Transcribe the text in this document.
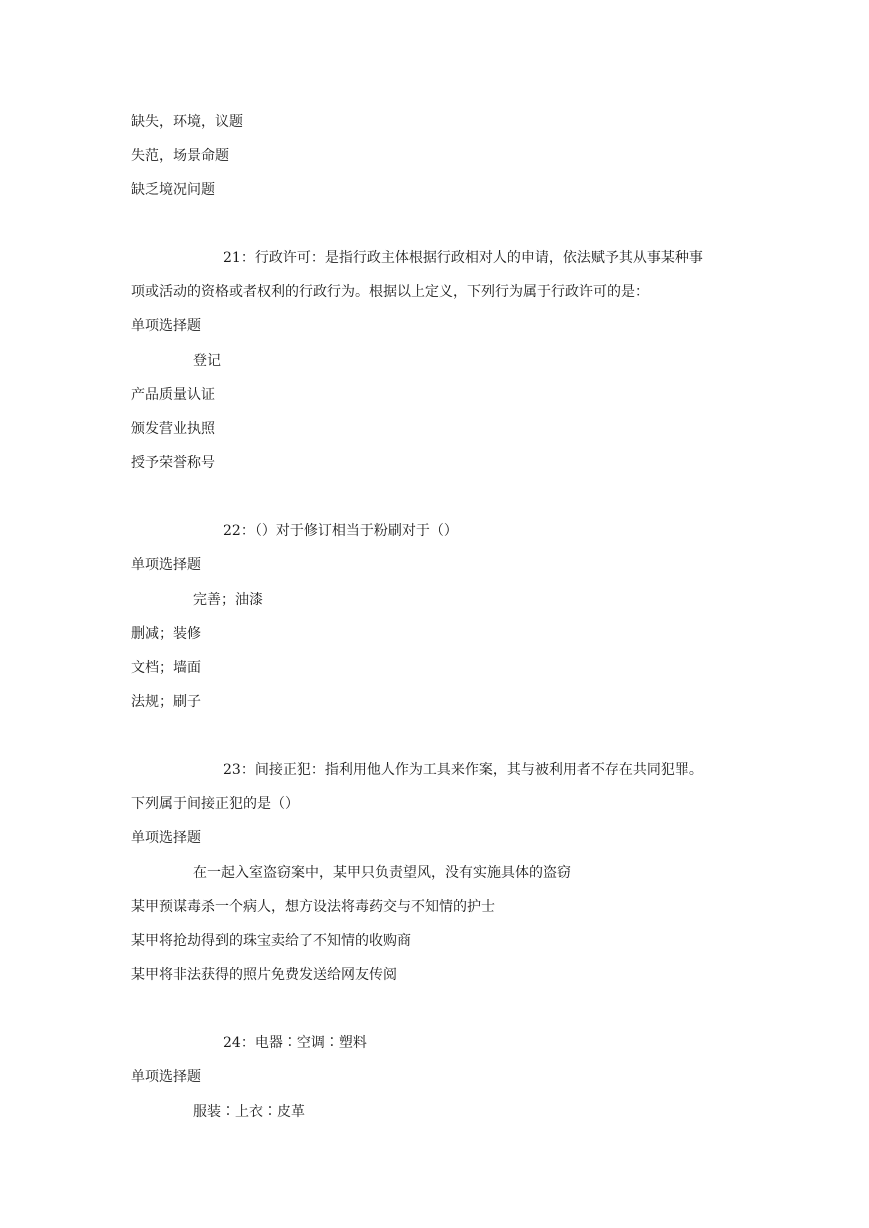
缺失，环境，议题
失范，场景命题
缺乏境况问题
21：行政许可：是指行政主体根据行政相对人的申请，依法赋予其从事某种事
项或活动的资格或者权利的行政行为。根据以上定义，下列行为属于行政许可的是：
单项选择题
登记
产品质量认证
颁发营业执照
授予荣誉称号
22：（）对于修订相当于粉刷对于（）
单项选择题
完善；油漆
删减；装修
文档；墙面
法规；刷子
23：间接正犯：指利用他人作为工具来作案，其与被利用者不存在共同犯罪。
下列属于间接正犯的是（）
单项选择题
在一起入室盗窃案中，某甲只负责望风，没有实施具体的盗窃
某甲预谋毒杀一个病人，想方设法将毒药交与不知情的护士
某甲将抢劫得到的珠宝卖给了不知情的收购商
某甲将非法获得的照片免费发送给网友传阅
24：电器∶空调∶塑料
单项选择题
服装∶上衣∶皮革
